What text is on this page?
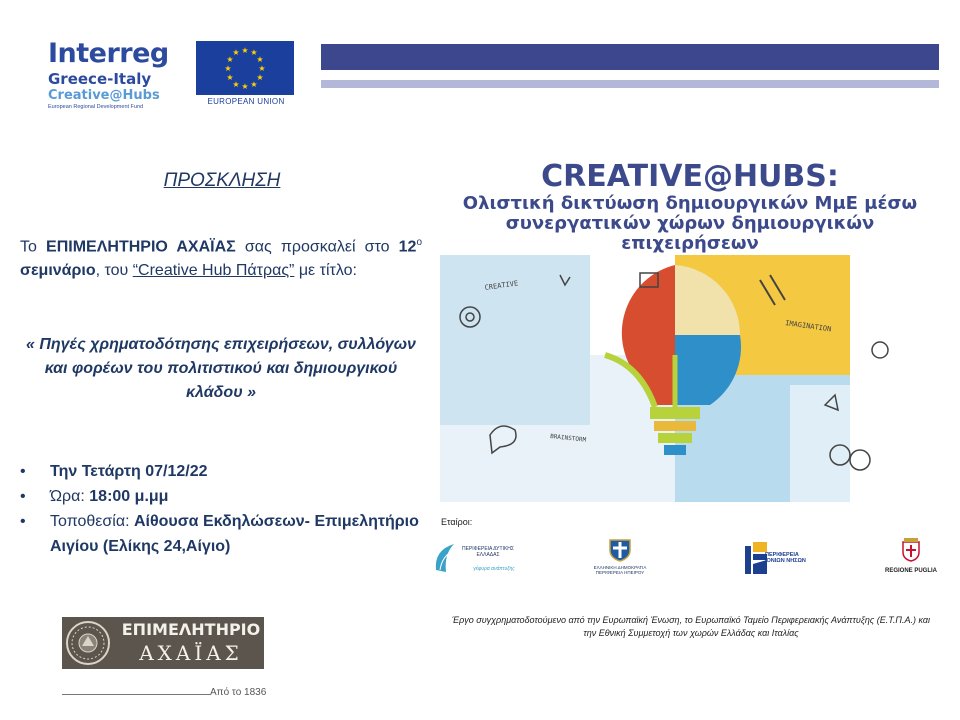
Interreg
Greece-Italy
Creative@Hubs
European Regional Development Fund
★ ★
★
★
★
★
★
★
★
★
★
★
EUROPEAN UNION
ΠΡΟΣΚΛΗΣΗ
Το ΕΠΙΜΕΛΗΤΗΡΙΟ ΑΧΑΪΑΣ σας προσκαλεί στο $12^o$ σεμινάριο, του “Creative Hub Πάτρας” με τίτλο:
« Πηγές χρηματοδότησης επιχειρήσεων, συλλόγων και φορέων του πολιτιστικού και δημιουργικού κλάδου »
• Την Τετάρτη 07/12/22
• Ώρα: 18:00 μ.μμ
• Τοποθεσία: Αίθουσα Εκδηλώσεων- Επιμελητήριο Αιγίου (Ελίκης 24,Αίγιο)
ΕΠΙΜΕΛΗΤΗΡΙΟ
ΑΧΑΪΑΣ
Από το 1836
CREATIVE@HUBS:
Ολιστική δικτύωση δημιουργικών ΜμΕ μέσω
συνεργατικών χώρων δημιουργικών επιχειρήσεων
CREATIVE
IMAGINATION
BRAINSTORM
Εταίροι:
ΠΕΡΙΦΕΡΕΙΑ ΔΥΤΙΚΗΣ ΕΛΛΑΔΑΣ
γέφυρα ανάπτυξης	ΕΛΛΗΝΙΚΗ ΔΗΜΟΚΡΑΤΙΑ ΠΕΡΙΦΕΡΕΙΑ ΗΠΕΙΡΟΥ
ΠΕΡΙΦΕΡΕΙΑ ΙΟΝΙΩΝ ΝΗΣΩΝ
REGIONE PUGLIA
Έργο συγχρηματοδοτούμενο από την Ευρωπαϊκή Ένωση, το Ευρωπαϊκό Ταμείο Περιφερειακής Ανάπτυξης (Ε.Τ.Π.Α.) και την Εθνική Συμμετοχή των χωρών Ελλάδας και Ιταλίας
